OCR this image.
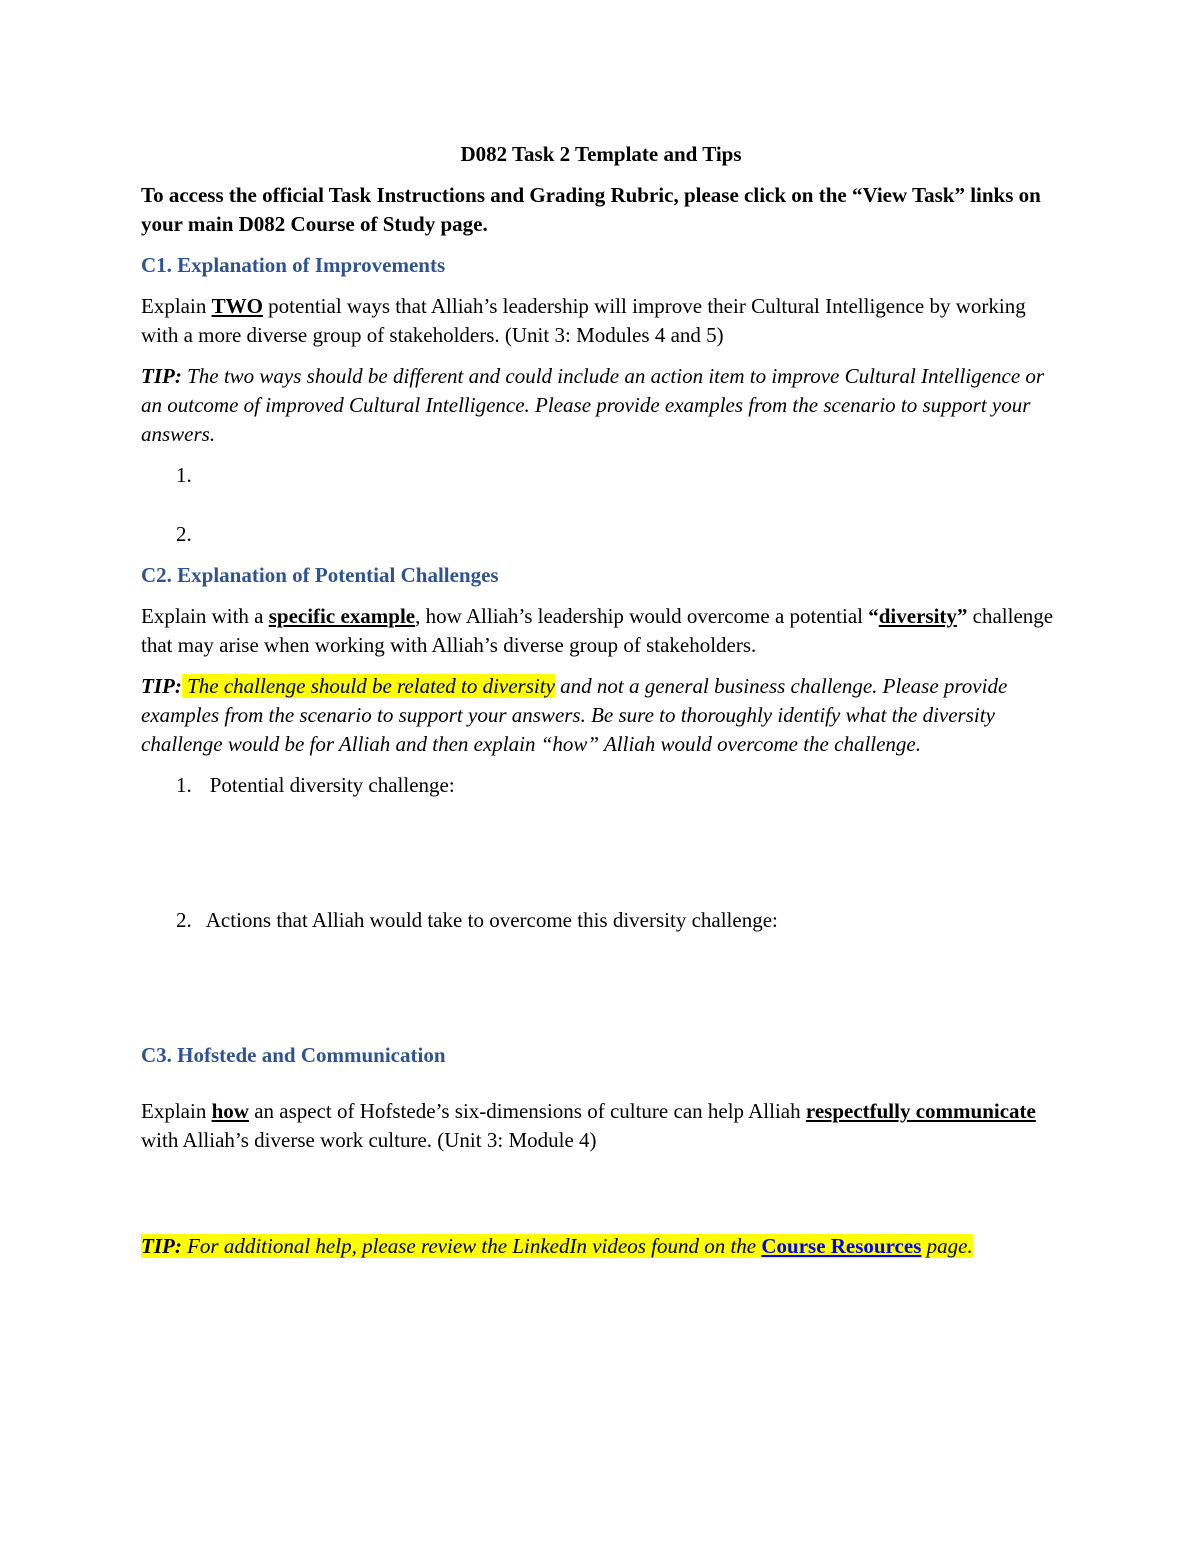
D082 Task 2 Template and Tips

To access the official Task Instructions and Grading Rubric, please click on the “View Task” links on your main D082 Course of Study page.

C1. Explanation of Improvements

Explain TWO potential ways that Alliah’s leadership will improve their Cultural Intelligence by working with a more diverse group of stakeholders. (Unit 3: Modules 4 and 5)

TIP: The two ways should be different and could include an action item to improve Cultural Intelligence or an outcome of improved Cultural Intelligence. Please provide examples from the scenario to support your answers.

1.
2.
C2. Explanation of Potential Challenges

Explain with a specific example, how Alliah’s leadership would overcome a potential “diversity” challenge that may arise when working with Alliah’s diverse group of stakeholders.

TIP: The challenge should be related to diversity and not a general business challenge. Please provide examples from the scenario to support your answers. Be sure to thoroughly identify what the diversity challenge would be for Alliah and then explain “how” Alliah would overcome the challenge.

1. Potential diversity challenge:
2. Actions that Alliah would take to overcome this diversity challenge:
C3. Hofstede and Communication

Explain how an aspect of Hofstede’s six-dimensions of culture can help Alliah respectfully communicate with Alliah’s diverse work culture. (Unit 3: Module 4)

TIP: For additional help, please review the LinkedIn videos found on the Course Resources page.
